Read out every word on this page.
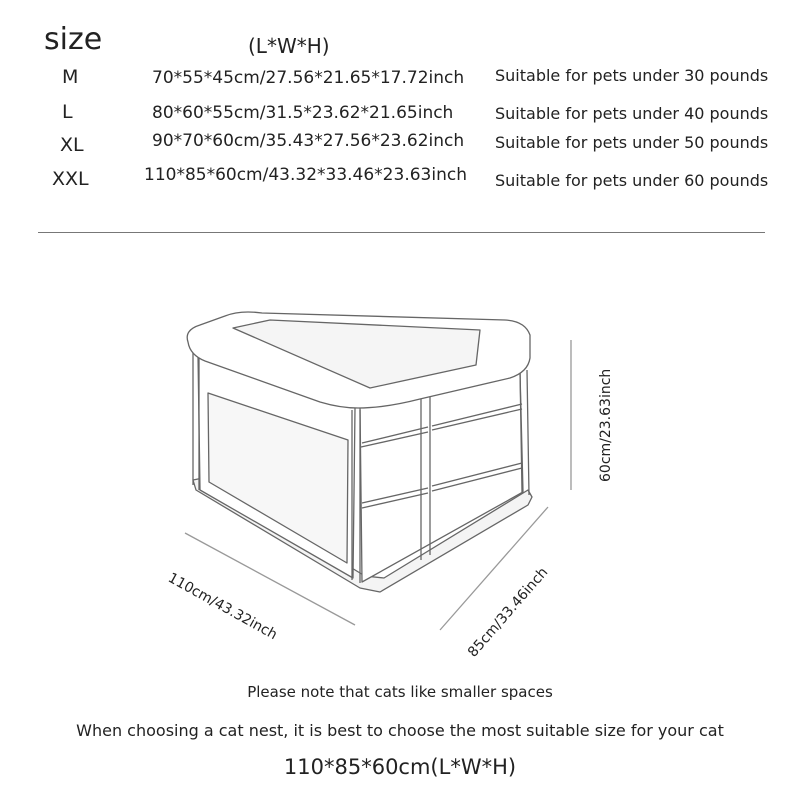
size	(L*W*H)
M	70*55*45cm/27.56*21.65*17.72inch Suitable for pets under 30 pounds
L	80*60*55cm/31.5*23.62*21.65inch	Suitable for pets under 40 pounds
XL	90*70*60cm/35.43*27.56*23.62inch Suitable for pets under 50 pounds
XXL	110*85*60cm/43.32*33.46*23.63inch Suitable for pets under 60 pounds
110cm/43.32inch	85cm/33.46inch
60cm/23.63inch
Please note that cats like smaller spaces
When choosing a cat nest, it is best to choose the most suitable size for your cat
110*85*60cm(L*W*H)
